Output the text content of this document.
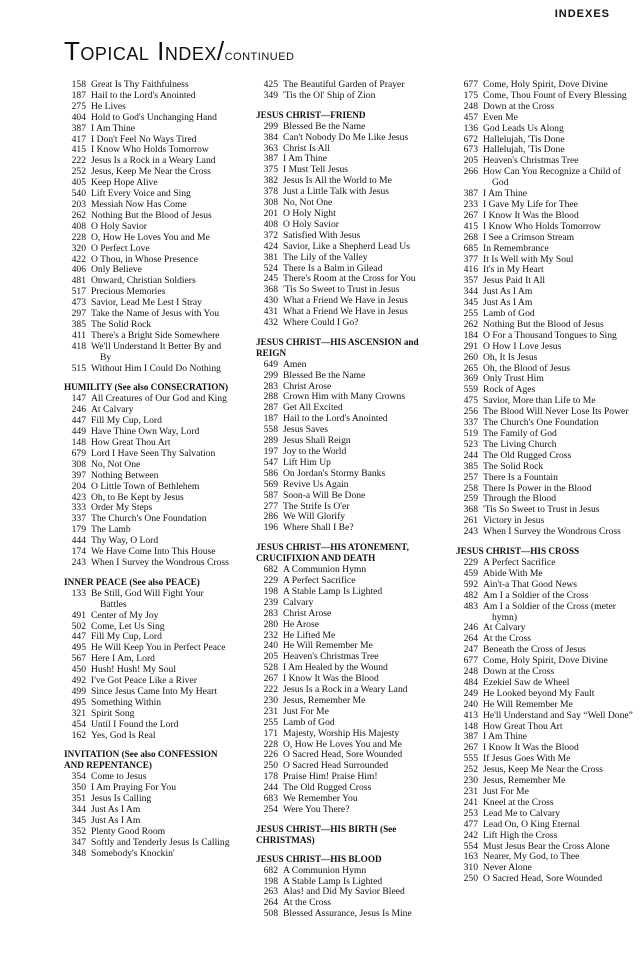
INDEXES
Topical Index/continued
158 Great Is Thy Faithfulness
187 Hail to the Lord's Anointed
275 He Lives
404 Hold to God's Unchanging Hand
387 I Am Thine
417 I Don't Feel No Ways Tired
415 I Know Who Holds Tomorrow
222 Jesus Is a Rock in a Weary Land
252 Jesus, Keep Me Near the Cross
405 Keep Hope Alive
540 Lift Every Voice and Sing
203 Messiah Now Has Come
262 Nothing But the Blood of Jesus
408 O Holy Savior
228 O, How He Loves You and Me
320 O Perfect Love
422 O Thou, in Whose Presence
406 Only Believe
481 Onward, Christian Soldiers
517 Precious Memories
473 Savior, Lead Me Lest I Stray
297 Take the Name of Jesus with You
385 The Solid Rock
411 There's a Bright Side Somewhere
418 We'll Understand It Better By and By
515 Without Him I Could Do Nothing
HUMILITY (See also CONSECRATION)
147 All Creatures of Our God and King
246 At Calvary
447 Fill My Cup, Lord
449 Have Thine Own Way, Lord
148 How Great Thou Art
679 Lord I Have Seen Thy Salvation
308 No, Not One
397 Nothing Between
204 O Little Town of Bethlehem
423 Oh, to Be Kept by Jesus
333 Order My Steps
337 The Church's One Foundation
179 The Lamb
444 Thy Way, O Lord
174 We Have Come Into This House
243 When I Survey the Wondrous Cross
INNER PEACE (See also PEACE)
133 Be Still, God Will Fight Your Battles
491 Center of My Joy
502 Come, Let Us Sing
447 Fill My Cup, Lord
495 He Will Keep You in Perfect Peace
567 Here I Am, Lord
450 Hush! Hush! My Soul
492 I've Got Peace Like a River
499 Since Jesus Came Into My Heart
495 Something Within
321 Spirit Song
454 Until I Found the Lord
162 Yes, God Is Real
INVITATION (See also CONFESSION AND REPENTANCE)
354 Come to Jesus
350 I Am Praying For You
351 Jesus Is Calling
344 Just As I Am
345 Just As I Am
352 Plenty Good Room
347 Softly and Tenderly Jesus Is Calling
348 Somebody's Knockin'
425 The Beautiful Garden of Prayer
349 'Tis the Ol' Ship of Zion
JESUS CHRIST—FRIEND
299 Blessed Be the Name
384 Can't Nobody Do Me Like Jesus
363 Christ Is All
387 I Am Thine
375 I Must Tell Jesus
382 Jesus Is All the World to Me
378 Just a Little Talk with Jesus
308 No, Not One
201 O Holy Night
408 O Holy Savior
372 Satisfied With Jesus
424 Savior, Like a Shepherd Lead Us
381 The Lily of the Valley
524 There Is a Balm in Gilead
245 There's Room at the Cross for You
368 'Tis So Sweet to Trust in Jesus
430 What a Friend We Have in Jesus
431 What a Friend We Have in Jesus
432 Where Could I Go?
JESUS CHRIST—HIS ASCENSION and REIGN
649 Amen
299 Blessed Be the Name
283 Christ Arose
288 Crown Him with Many Crowns
287 Get All Excited
187 Hail to the Lord's Anointed
558 Jesus Saves
289 Jesus Shall Reign
197 Joy to the World
547 Lift Him Up
586 On Jordan's Stormy Banks
569 Revive Us Again
587 Soon-a Will Be Done
277 The Strife Is O'er
286 We Will Glorify
196 Where Shall I Be?
JESUS CHRIST—HIS ATONEMENT, CRUCIFIXION AND DEATH
682 A Communion Hymn
229 A Perfect Sacrifice
198 A Stable Lamp Is Lighted
239 Calvary
283 Christ Arose
280 He Arose
232 He Lifted Me
240 He Will Remember Me
205 Heaven's Christmas Tree
528 I Am Healed by the Wound
267 I Know It Was the Blood
222 Jesus Is a Rock in a Weary Land
230 Jesus, Remember Me
231 Just For Me
255 Lamb of God
171 Majesty, Worship His Majesty
228 O, How He Loves You and Me
226 O Sacred Head, Sore Wounded
250 O Sacred Head Surrounded
178 Praise Him! Praise Him!
244 The Old Rugged Cross
683 We Remember You
254 Were You There?
JESUS CHRIST—HIS BIRTH (See CHRISTMAS)
JESUS CHRIST—HIS BLOOD
682 A Communion Hymn
198 A Stable Lamp Is Lighted
263 Alas! and Did My Savior Bleed
264 At the Cross
508 Blessed Assurance, Jesus Is Mine
677 Come, Holy Spirit, Dove Divine
175 Come, Thou Fount of Every Blessing
248 Down at the Cross
457 Even Me
136 God Leads Us Along
672 Hallelujah, 'Tis Done
673 Hallelujah, 'Tis Done
205 Heaven's Christmas Tree
266 How Can You Recognize a Child of God
387 I Am Thine
233 I Gave My Life for Thee
267 I Know It Was the Blood
415 I Know Who Holds Tomorrow
268 I See a Crimson Stream
685 In Remembrance
377 It Is Well with My Soul
416 It's in My Heart
357 Jesus Paid It All
344 Just As I Am
345 Just As I Am
255 Lamb of God
262 Nothing But the Blood of Jesus
184 O For a Thousand Tongues to Sing
291 O How I Love Jesus
260 Oh, It Is Jesus
265 Oh, the Blood of Jesus
369 Only Trust Him
559 Rock of Ages
475 Savior, More than Life to Me
256 The Blood Will Never Lose Its Power
337 The Church's One Foundation
519 The Family of God
523 The Living Church
244 The Old Rugged Cross
385 The Solid Rock
257 There Is a Fountain
258 There Is Power in the Blood
259 Through the Blood
368 'Tis So Sweet to Trust in Jesus
261 Victory in Jesus
243 When I Survey the Wondrous Cross
JESUS CHRIST—HIS CROSS
229 A Perfect Sacrifice
459 Abide With Me
592 Ain't-a That Good News
482 Am I a Soldier of the Cross
483 Am I a Soldier of the Cross (meter hymn)
246 At Calvary
264 At the Cross
247 Beneath the Cross of Jesus
677 Come, Holy Spirit, Dove Divine
248 Down at the Cross
484 Ezekiel Saw de Wheel
249 He Looked beyond My Fault
240 He Will Remember Me
413 He'll Understand and Say “Well Done”
148 How Great Thou Art
387 I Am Thine
267 I Know It Was the Blood
555 If Jesus Goes With Me
252 Jesus, Keep Me Near the Cross
230 Jesus, Remember Me
231 Just For Me
241 Kneel at the Cross
253 Lead Me to Calvary
477 Lead On, O King Eternal
242 Lift High the Cross
554 Must Jesus Bear the Cross Alone
163 Nearer, My God, to Thee
310 Never Alone
250 O Sacred Head, Sore Wounded
